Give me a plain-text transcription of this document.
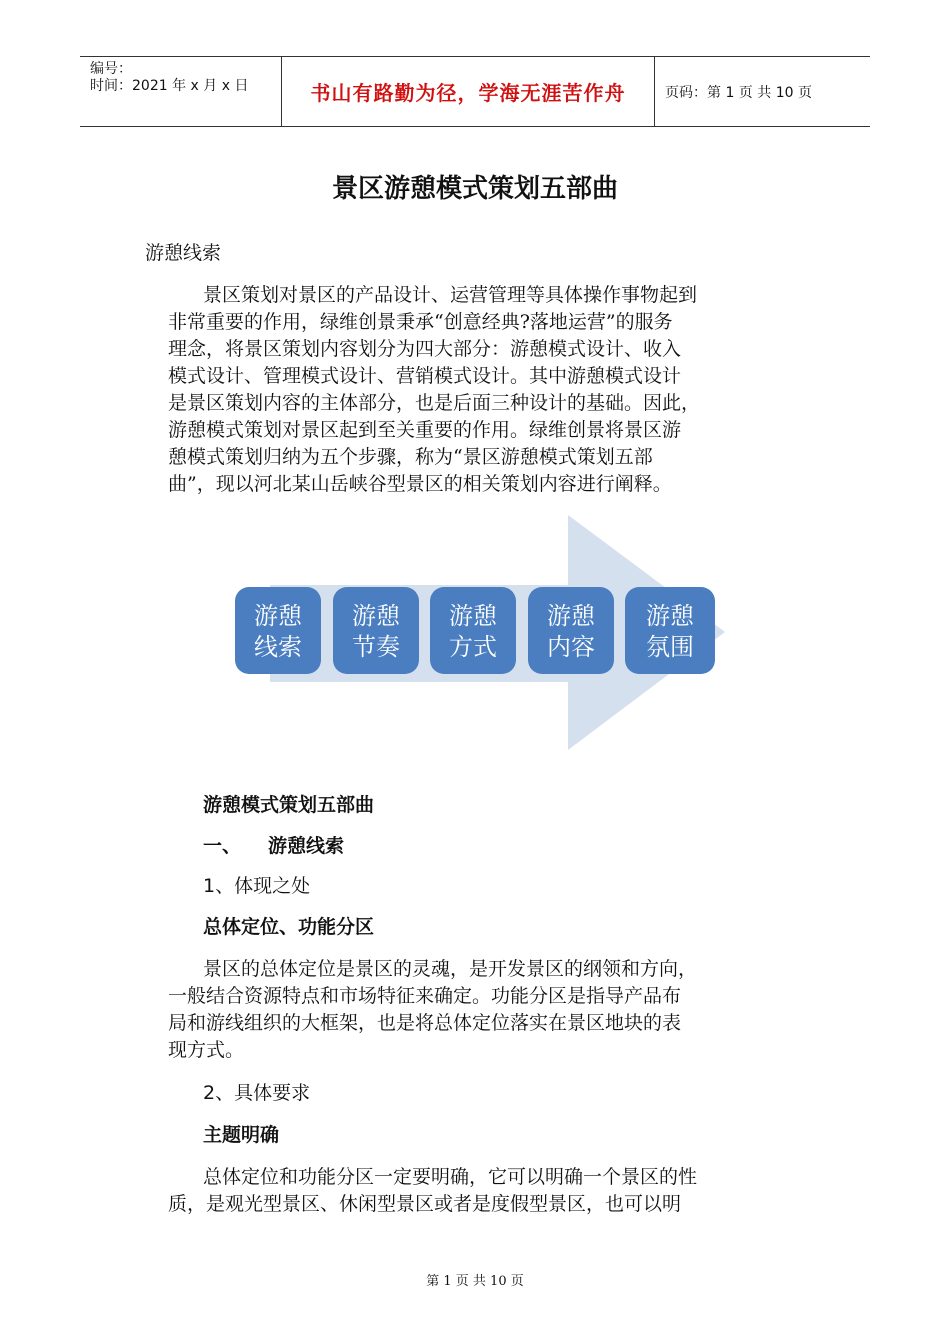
编号：
时间：2021 年 x 月 x 日	书山有路勤为径，学海无涯苦作舟	页码：第 1 页 共 10 页
景区游憩模式策划五部曲
游憩线索
景区策划对景区的产品设计、运营管理等具体操作事物起到
非常重要的作用，绿维创景秉承“创意经典?落地运营”的服务
理念，将景区策划内容划分为四大部分：游憩模式设计、收入
模式设计、管理模式设计、营销模式设计。其中游憩模式设计
是景区策划内容的主体部分，也是后面三种设计的基础。因此，
游憩模式策划对景区起到至关重要的作用。绿维创景将景区游
憩模式策划归纳为五个步骤，称为“景区游憩模式策划五部
曲”，现以河北某山岳峡谷型景区的相关策划内容进行阐释。
游憩
线索
游憩
节奏
游憩
方式
游憩
内容
游憩
氛围
游憩模式策划五部曲
一、 游憩线索
1、体现之处
总体定位、功能分区
景区的总体定位是景区的灵魂，是开发景区的纲领和方向，
一般结合资源特点和市场特征来确定。功能分区是指导产品布
局和游线组织的大框架，也是将总体定位落实在景区地块的表
现方式。
2、具体要求
主题明确
总体定位和功能分区一定要明确，它可以明确一个景区的性
质，是观光型景区、休闲型景区或者是度假型景区，也可以明
第 1 页 共 10 页
